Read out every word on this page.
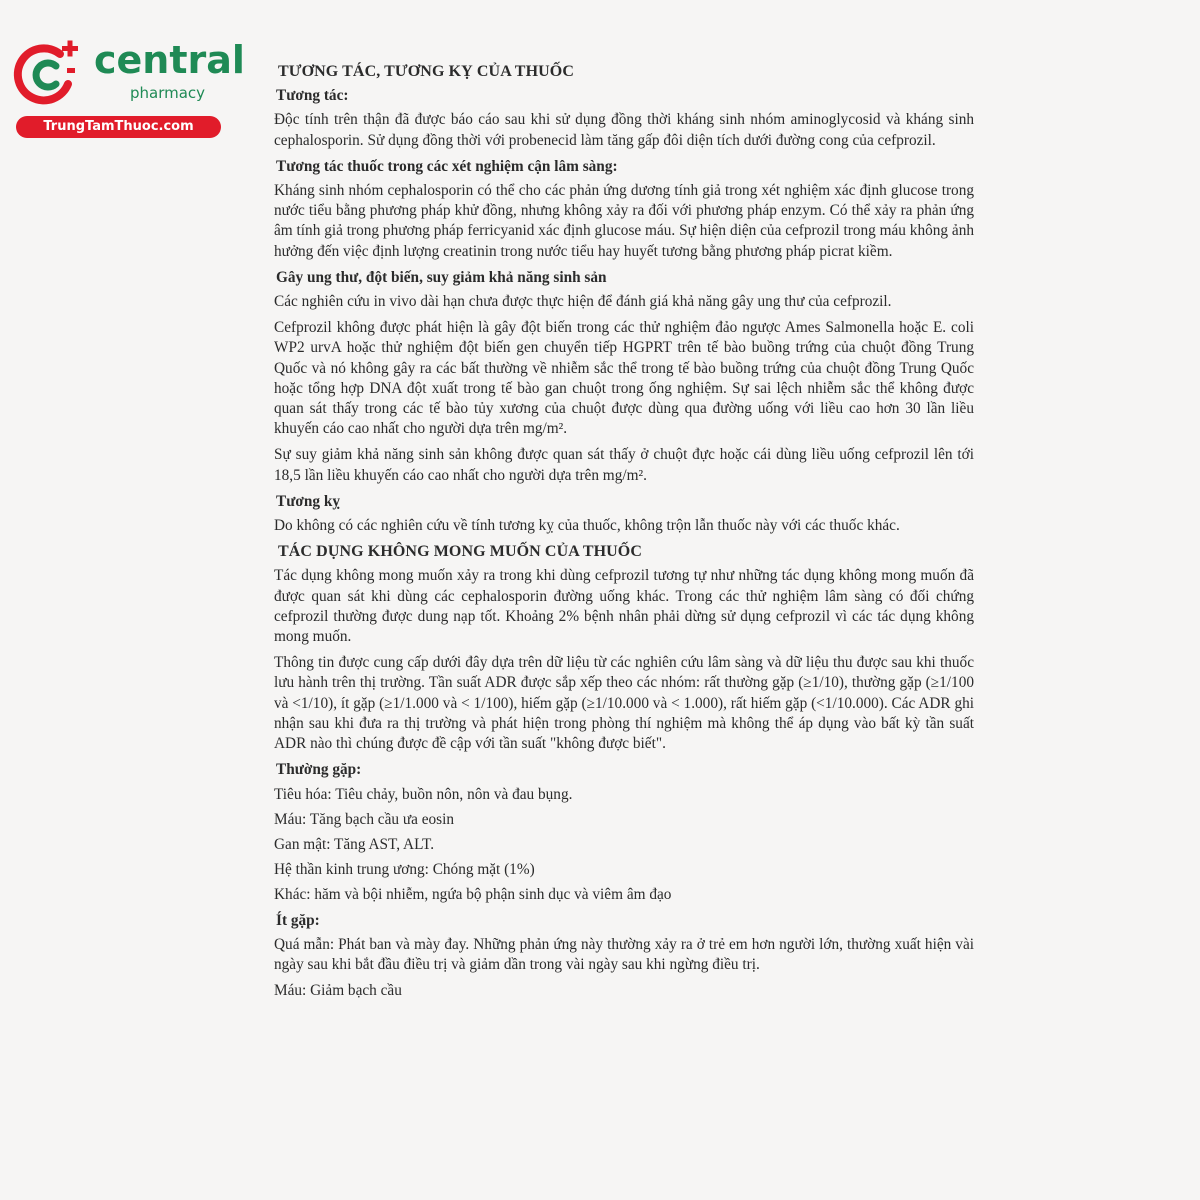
central
pharmacy
TrungTamThuoc.com

TƯƠNG TÁC, TƯƠNG KỴ CỦA THUỐC

Tương tác:

Độc tính trên thận đã được báo cáo sau khi sử dụng đồng thời kháng sinh nhóm aminoglycosid và kháng sinh cephalosporin. Sử dụng đồng thời với probenecid làm tăng gấp đôi diện tích dưới đường cong của cefprozil.

Tương tác thuốc trong các xét nghiệm cận lâm sàng:

Kháng sinh nhóm cephalosporin có thể cho các phản ứng dương tính giả trong xét nghiệm xác định glucose trong nước tiểu bằng phương pháp khử đồng, nhưng không xảy ra đối với phương pháp enzym. Có thể xảy ra phản ứng âm tính giả trong phương pháp ferricyanid xác định glucose máu. Sự hiện diện của cefprozil trong máu không ảnh hưởng đến việc định lượng creatinin trong nước tiểu hay huyết tương bằng phương pháp picrat kiềm.

Gây ung thư, đột biến, suy giảm khả năng sinh sản

Các nghiên cứu in vivo dài hạn chưa được thực hiện để đánh giá khả năng gây ung thư của cefprozil.

Cefprozil không được phát hiện là gây đột biến trong các thử nghiệm đảo ngược Ames Salmonella hoặc E. coli WP2 urvA hoặc thử nghiệm đột biến gen chuyển tiếp HGPRT trên tế bào buồng trứng của chuột đồng Trung Quốc và nó không gây ra các bất thường về nhiễm sắc thể trong tế bào buồng trứng của chuột đồng Trung Quốc hoặc tổng hợp DNA đột xuất trong tế bào gan chuột trong ống nghiệm. Sự sai lệch nhiễm sắc thể không được quan sát thấy trong các tế bào tủy xương của chuột được dùng qua đường uống với liều cao hơn 30 lần liều khuyến cáo cao nhất cho người dựa trên mg/m².

Sự suy giảm khả năng sinh sản không được quan sát thấy ở chuột đực hoặc cái dùng liều uống cefprozil lên tới 18,5 lần liều khuyến cáo cao nhất cho người dựa trên mg/m².

Tương kỵ

Do không có các nghiên cứu về tính tương kỵ của thuốc, không trộn lẫn thuốc này với các thuốc khác.

TÁC DỤNG KHÔNG MONG MUỐN CỦA THUỐC

Tác dụng không mong muốn xảy ra trong khi dùng cefprozil tương tự như những tác dụng không mong muốn đã được quan sát khi dùng các cephalosporin đường uống khác. Trong các thử nghiệm lâm sàng có đối chứng cefprozil thường được dung nạp tốt. Khoảng 2% bệnh nhân phải dừng sử dụng cefprozil vì các tác dụng không mong muốn.

Thông tin được cung cấp dưới đây dựa trên dữ liệu từ các nghiên cứu lâm sàng và dữ liệu thu được sau khi thuốc lưu hành trên thị trường. Tần suất ADR được sắp xếp theo các nhóm: rất thường gặp (≥1/10), thường gặp (≥1/100 và <1/10), ít gặp (≥1/1.000 và < 1/100), hiếm gặp (≥1/10.000 và < 1.000), rất hiếm gặp (<1/10.000). Các ADR ghi nhận sau khi đưa ra thị trường và phát hiện trong phòng thí nghiệm mà không thể áp dụng vào bất kỳ tần suất ADR nào thì chúng được đề cập với tần suất "không được biết".

Thường gặp:

Tiêu hóa: Tiêu chảy, buồn nôn, nôn và đau bụng.

Máu: Tăng bạch cầu ưa eosin

Gan mật: Tăng AST, ALT.

Hệ thần kinh trung ương: Chóng mặt (1%)

Khác: hăm và bội nhiễm, ngứa bộ phận sinh dục và viêm âm đạo

Ít gặp:

Quá mẫn: Phát ban và mày đay. Những phản ứng này thường xảy ra ở trẻ em hơn người lớn, thường xuất hiện vài ngày sau khi bắt đầu điều trị và giảm dần trong vài ngày sau khi ngừng điều trị.

Máu: Giảm bạch cầu
